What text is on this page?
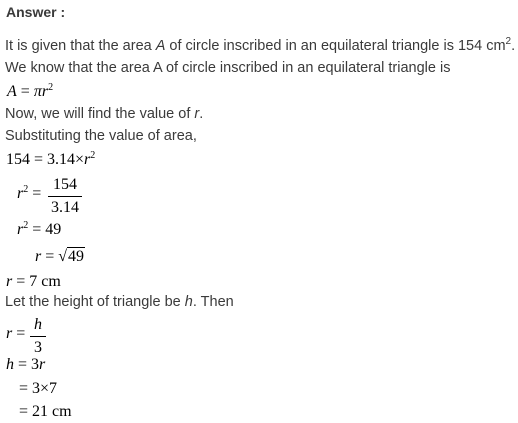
Answer :
It is given that the area A of circle inscribed in an equilateral triangle is 154 $cm^2$.
We know that the area A of circle inscribed in an equilateral triangle is
$A = \pi r^2$
Now, we will find the value of r.
Substituting the value of area,
$154 = 3.14\times r^2$
$r^2$ =
154
3.14
$r^2 = 49$
r = √49
r = 7 cm
Let the height of triangle be h. Then
r =
h
3
h = 3r
= 3×7
= 21 cm
